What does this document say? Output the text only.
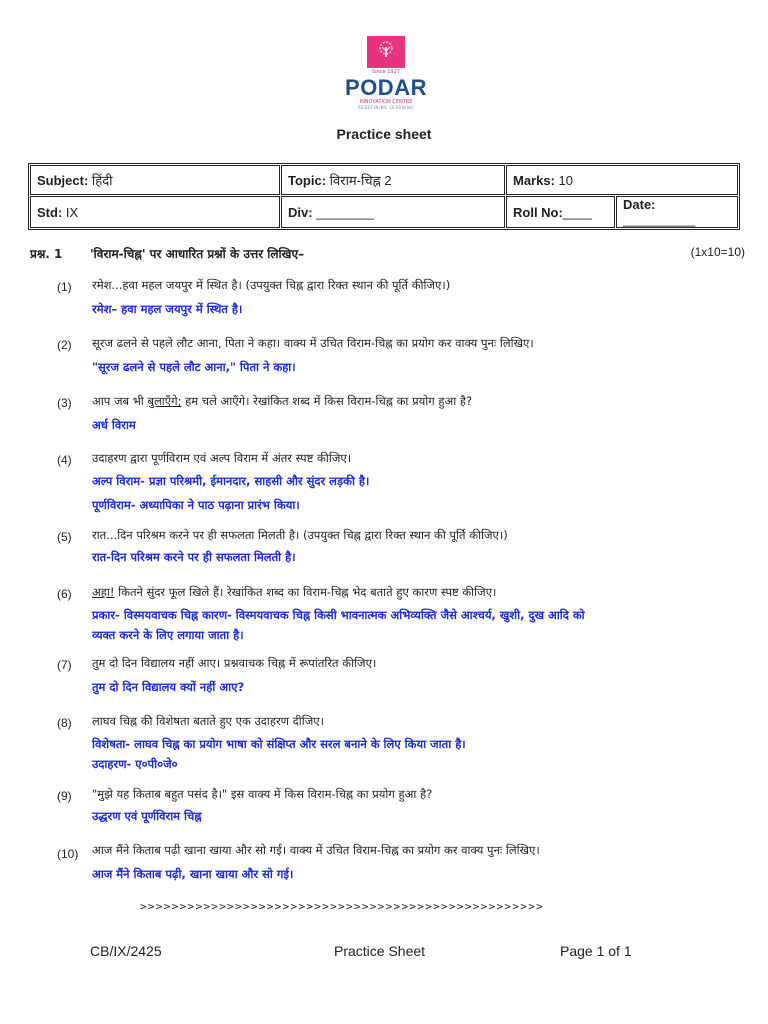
Since 1927
PODAR
INNOVATION CENTRE
REDEFINING LEARNING
Practice sheet
Subject: हिंदी	Topic: विराम-चिह्न 2	Marks: 10	
Std: IX	Div: ________	Roll No:____	Date: __________
प्रश्न. 1 'विराम-चिह्न' पर आधारित प्रश्नों के उत्तर लिखिए–	(1x10=10)
(1) रमेश...हवा महल जयपुर में स्थित है। (उपयुक्त चिह्न द्वारा रिक्त स्थान की पूर्ति कीजिए।)
रमेश– हवा महल जयपुर में स्थित है।
(2) सूरज ढलने से पहले लौट आना, पिता ने कहा। वाक्य में उचित विराम-चिह्न का प्रयोग कर वाक्य पुनः लिखिए।
"सूरज ढलने से पहले लौट आना," पिता ने कहा।
(3) आप जब भी बुलाएँगे; हम चले आएँगे। रेखांकित शब्द में किस विराम-चिह्न का प्रयोग हुआ है?
अर्ध विराम
(4) उदाहरण द्वारा पूर्णविराम एवं अल्प विराम में अंतर स्पष्ट कीजिए।
अल्प विराम- प्रज्ञा परिश्रमी, ईमानदार, साहसी और सुंदर लड़की है।
पूर्णविराम- अध्यापिका ने पाठ पढ़ाना प्रारंभ किया।
(5) रात...दिन परिश्रम करने पर ही सफलता मिलती है। (उपयुक्त चिह्न द्वारा रिक्त स्थान की पूर्ति कीजिए।)
रात-दिन परिश्रम करने पर ही सफलता मिलती है।
(6) अहा! कितने सुंदर फूल खिले हैं। रेखांकित शब्द का विराम-चिह्न भेद बताते हुए कारण स्पष्ट कीजिए।
प्रकार- विस्मयवाचक चिह्न कारण- विस्मयवाचक चिह्न किसी भावनात्मक अभिव्यक्ति जैसे आश्चर्य, खुशी, दुख आदि को
व्यक्त करने के लिए लगाया जाता है।
(7) तुम दो दिन विद्यालय नहीं आए। प्रश्नवाचक चिह्न में रूपांतरित कीजिए।
तुम दो दिन विद्यालय क्यों नहीं आए?
(8) लाघव चिह्न की विशेषता बताते हुए एक उदाहरण दीजिए।
विशेषता- लाघव चिह्न का प्रयोग भाषा को संक्षिप्त और सरल बनाने के लिए किया जाता है।
उदाहरण- ए०पी०जे०
(9) "मुझे यह किताब बहुत पसंद है।" इस वाक्य में किस विराम-चिह्न का प्रयोग हुआ है?
उद्धरण एवं पूर्णविराम चिह्न
(10) आज मैंने किताब पढ़ी खाना खाया और सो गई। वाक्य में उचित विराम-चिह्न का प्रयोग कर वाक्य पुनः लिखिए।
आज मैंने किताब पढ़ी, खाना खाया और सो गई।
>>>>>>>>>>>>>>>>>>>>>>>>>>>>>>>>>>>>>>>>>>>>>>>>>>>
CB/IX/2425	Practice Sheet	Page 1 of 1
